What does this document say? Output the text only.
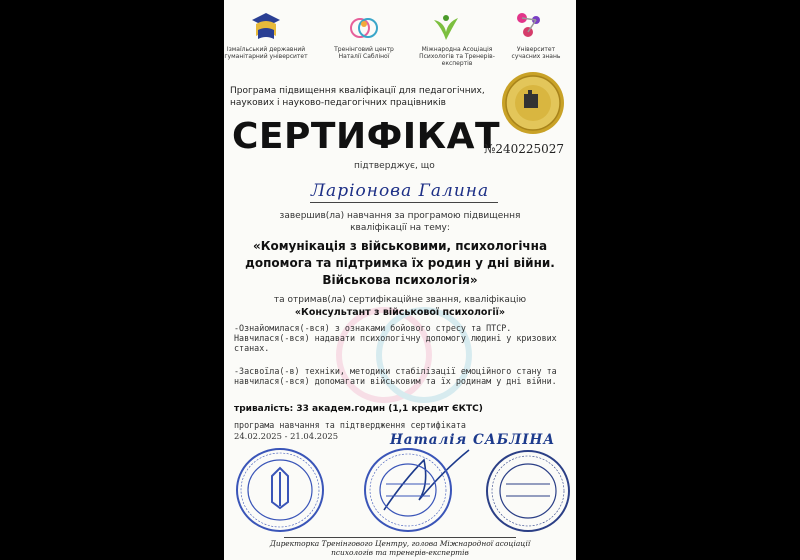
Ізмаїльський державний гуманітарний університет
Тренінговий центр Наталії Сабліної
Міжнародна Асоціація Психологів та Тренерів-експертів
Університет сучасних знань
Програма підвищення кваліфікації для педагогічних, наукових і науково-педагогічних працівників
СЕРТИФІКАТ
№240225027
підтверджує, що
Ларіонова Галина
завершив(ла) навчання за програмою підвищення кваліфікації на тему:
«Комунікація з військовими, психологічна допомога та підтримка їх родин у дні війни. Військова психологія»
та отримав(ла) сертифікаційне звання, кваліфікацію
«Консультант з військової психології»
-Ознайомилася(-вся) з ознаками бойового стресу та ПТСР. Навчилася(-вся) надавати психологічну допомогу людині у кризових станах.
-Засвоїла(-в) техніки, методики стабілізації емоційного стану та навчилася(-вся) допомагати військовим та їх родинам у дні війни.
тривалість: 33 академ.годин (1,1 кредит ЄКТС)
програма навчання та підтвердження сертифіката
24.02.2025 - 21.04.2025	Наталія САБЛІНА
Директорка Тренінгового Центру, голова Міжнародної асоціації психологів та тренерів-експертів
